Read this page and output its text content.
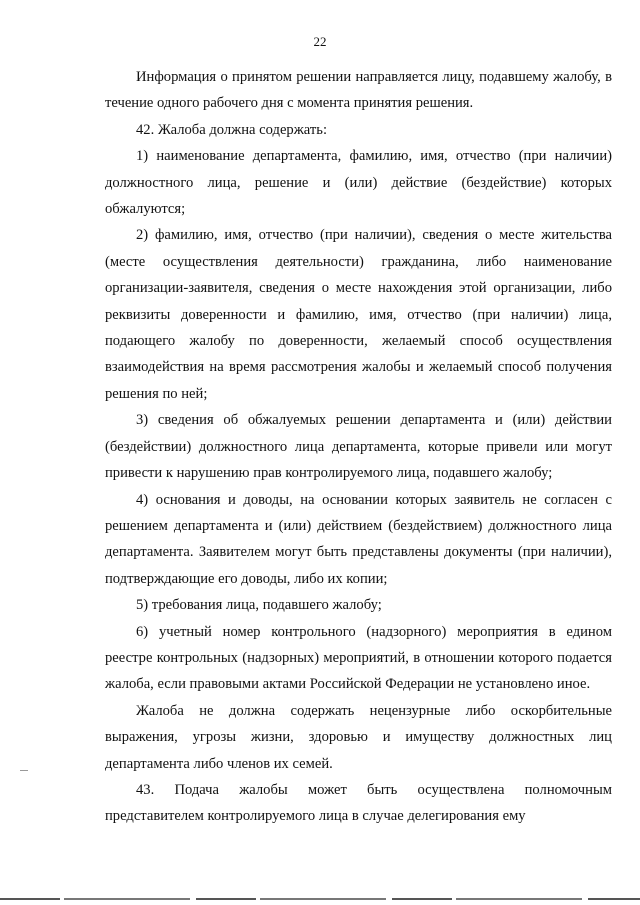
22

Информация о принятом решении направляется лицу, подавшему жалобу, в течение одного рабочего дня с момента принятия решения.

42. Жалоба должна содержать:

1) наименование департамента, фамилию, имя, отчество (при наличии) должностного лица, решение и (или) действие (бездействие) которых обжалуются;

2) фамилию, имя, отчество (при наличии), сведения о месте жительства (месте осуществления деятельности) гражданина, либо наименование организации-заявителя, сведения о месте нахождения этой организации, либо реквизиты доверенности и фамилию, имя, отчество (при наличии) лица, подающего жалобу по доверенности, желаемый способ осуществления взаимодействия на время рассмотрения жалобы и желаемый способ получения решения по ней;

3) сведения об обжалуемых решении департамента и (или) действии (бездействии) должностного лица департамента, которые привели или могут привести к нарушению прав контролируемого лица, подавшего жалобу;

4) основания и доводы, на основании которых заявитель не согласен с решением департамента и (или) действием (бездействием) должностного лица департамента. Заявителем могут быть представлены документы (при наличии), подтверждающие его доводы, либо их копии;

5) требования лица, подавшего жалобу;

6) учетный номер контрольного (надзорного) мероприятия в едином реестре контрольных (надзорных) мероприятий, в отношении которого подается жалоба, если правовыми актами Российской Федерации не установлено иное.

Жалоба не должна содержать нецензурные либо оскорбительные выражения, угрозы жизни, здоровью и имуществу должностных лиц департамента либо членов их семей.

43. Подача жалобы может быть осуществлена полномочным представителем контролируемого лица в случае делегирования ему
